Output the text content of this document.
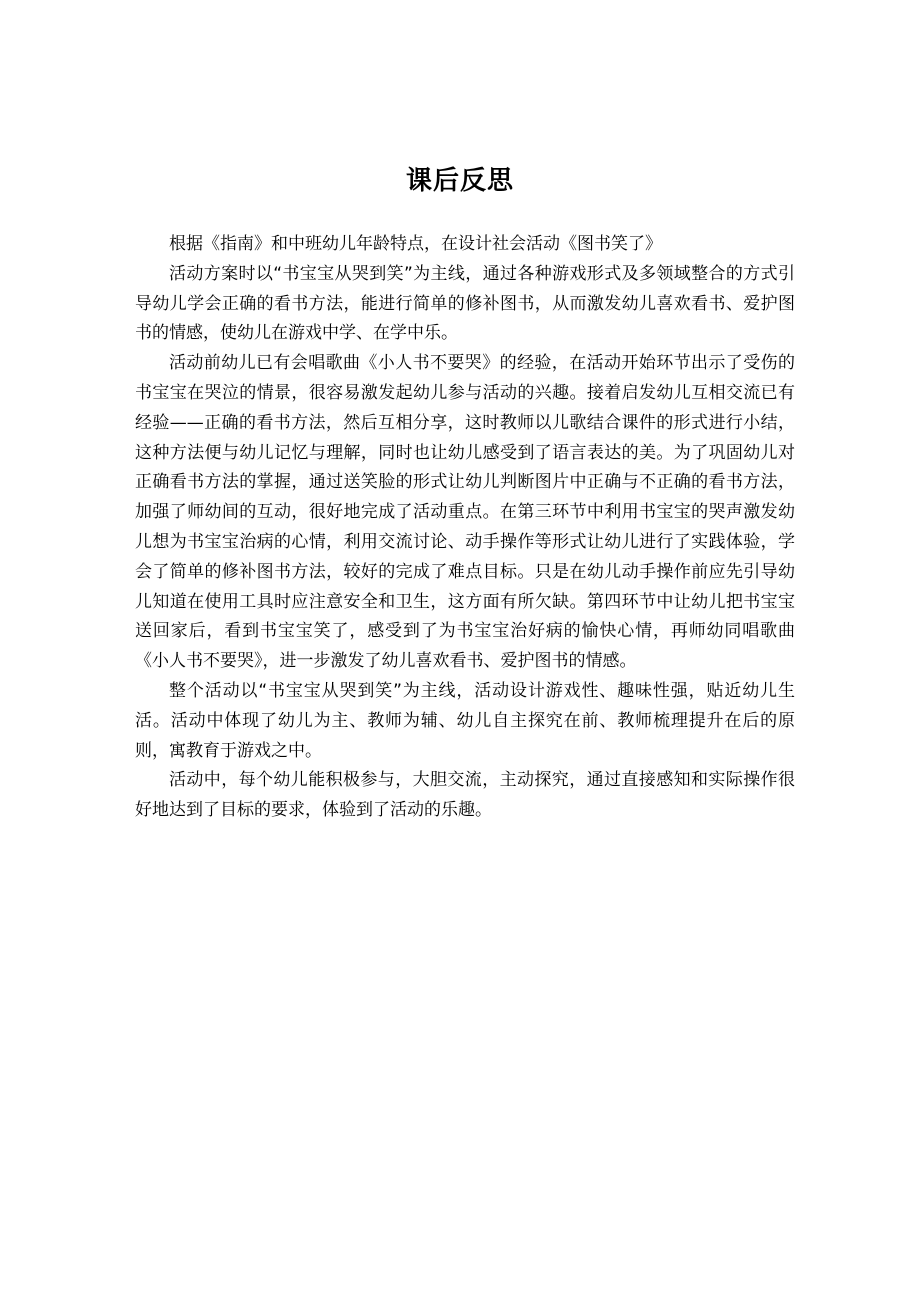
课后反思

根据《指南》和中班幼儿年龄特点，在设计社会活动《图书笑了》

活动方案时以“书宝宝从哭到笑”为主线，通过各种游戏形式及多领域整合的方式引导幼儿学会正确的看书方法，能进行简单的修补图书，从而激发幼儿喜欢看书、爱护图书的情感，使幼儿在游戏中学、在学中乐。

活动前幼儿已有会唱歌曲《小人书不要哭》的经验，在活动开始环节出示了受伤的书宝宝在哭泣的情景，很容易激发起幼儿参与活动的兴趣。接着启发幼儿互相交流已有经验——正确的看书方法，然后互相分享，这时教师以儿歌结合课件的形式进行小结，这种方法便与幼儿记忆与理解，同时也让幼儿感受到了语言表达的美。为了巩固幼儿对正确看书方法的掌握，通过送笑脸的形式让幼儿判断图片中正确与不正确的看书方法，加强了师幼间的互动，很好地完成了活动重点。在第三环节中利用书宝宝的哭声激发幼儿想为书宝宝治病的心情，利用交流讨论、动手操作等形式让幼儿进行了实践体验，学会了简单的修补图书方法，较好的完成了难点目标。只是在幼儿动手操作前应先引导幼儿知道在使用工具时应注意安全和卫生，这方面有所欠缺。第四环节中让幼儿把书宝宝送回家后，看到书宝宝笑了，感受到了为书宝宝治好病的愉快心情，再师幼同唱歌曲《小人书不要哭》，进一步激发了幼儿喜欢看书、爱护图书的情感。

整个活动以“书宝宝从哭到笑”为主线，活动设计游戏性、趣味性强，贴近幼儿生活。活动中体现了幼儿为主、教师为辅、幼儿自主探究在前、教师梳理提升在后的原则，寓教育于游戏之中。

活动中，每个幼儿能积极参与，大胆交流，主动探究，通过直接感知和实际操作很好地达到了目标的要求，体验到了活动的乐趣。
